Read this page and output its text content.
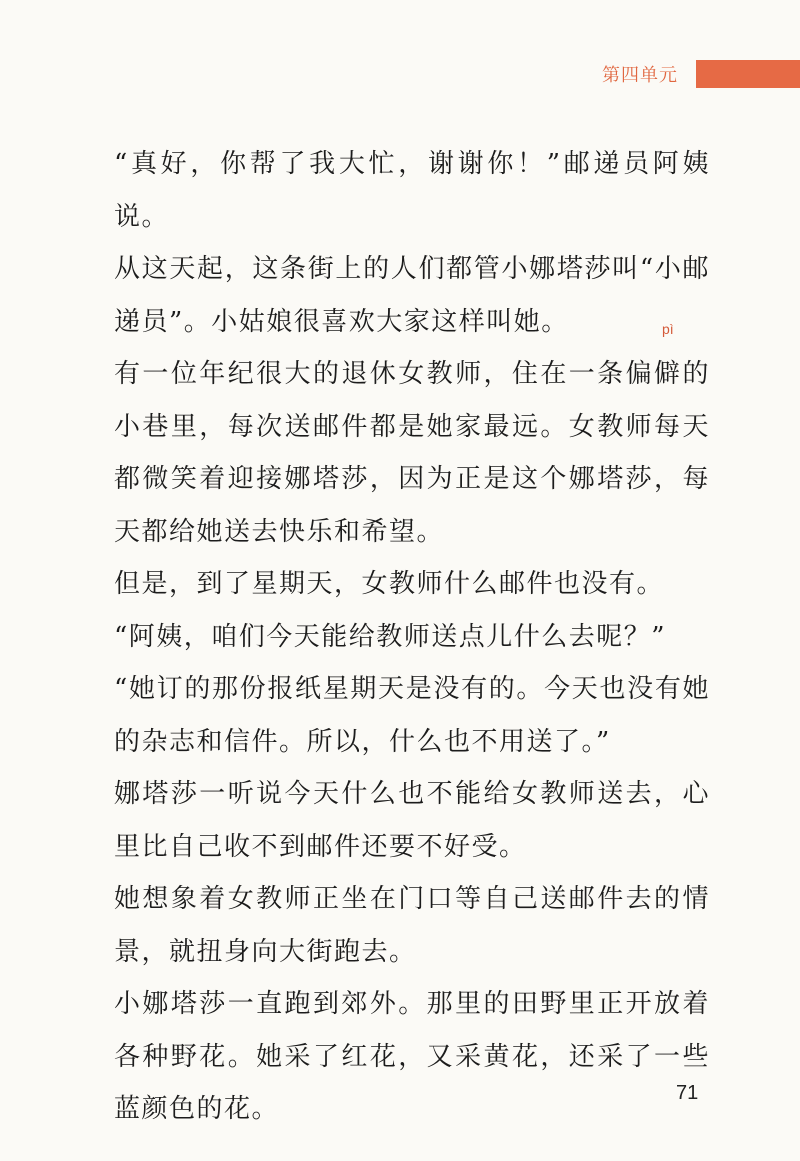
第四单元

“真好，你帮了我大忙，谢谢你！”邮递员阿姨说。

从这天起，这条街上的人们都管小娜塔莎叫“小邮递员”。小姑娘很喜欢大家这样叫她。

有一位年纪很大的退休女教师，住在一条偏
pì
僻的小巷里，每次送邮件都是她家最远。女教师每天都微笑着迎接娜塔莎，因为正是这个娜塔莎，每天都给她送去快乐和希望。

但是，到了星期天，女教师什么邮件也没有。

“阿姨，咱们今天能给教师送点儿什么去呢？”

“她订的那份报纸星期天是没有的。今天也没有她的杂志和信件。所以，什么也不用送了。”

娜塔莎一听说今天什么也不能给女教师送去，心里比自己收不到邮件还要不好受。

她想象着女教师正坐在门口等自己送邮件去的情景，就扭身向大街跑去。

小娜塔莎一直跑到郊外。那里的田野里正开放着各种野花。她采了红花，又采黄花，还采了一些蓝颜色的花。

71
